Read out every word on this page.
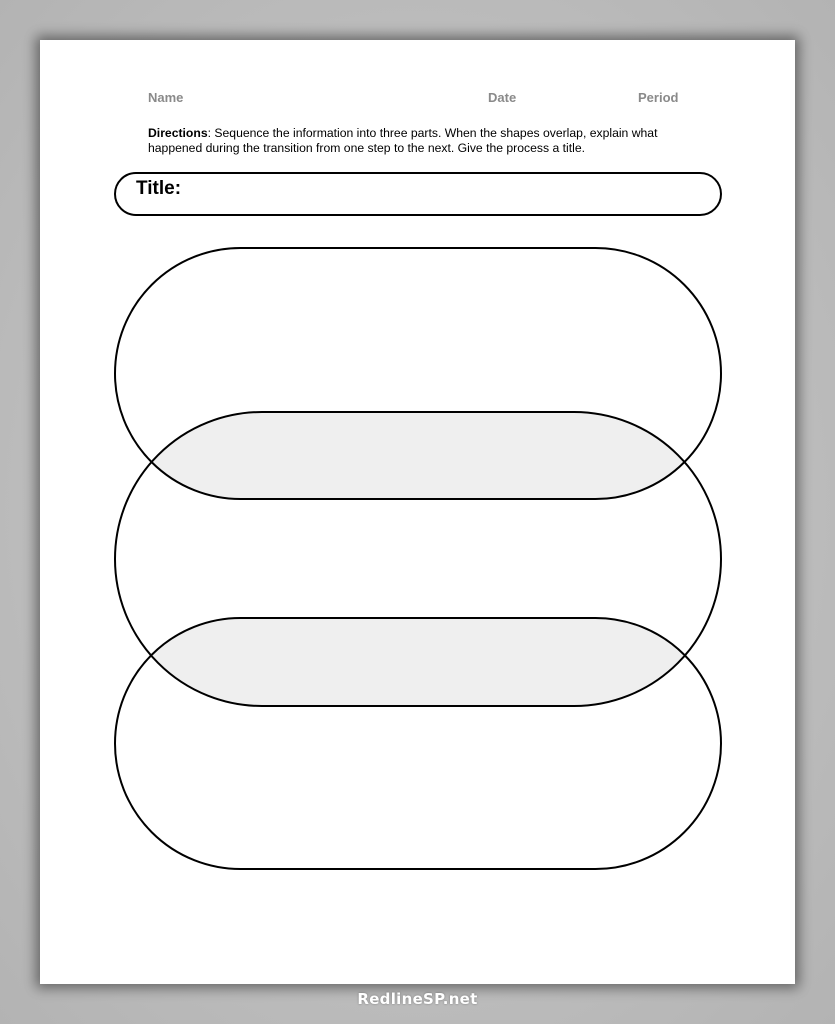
Name	Date	Period
Directions: Sequence the information into three parts. When the shapes overlap, explain what happened during the transition from one step to the next. Give the process a title.
Title:
RedlineSP.net
